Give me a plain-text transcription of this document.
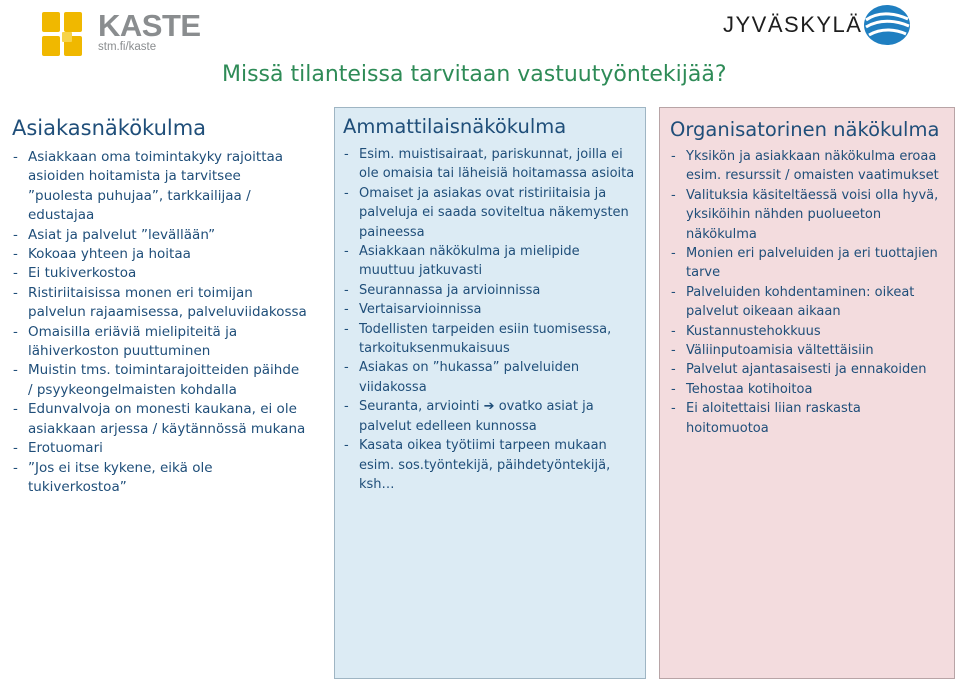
KASTE
stm.fi/kaste
JYVÄSKYLÄ
Missä tilanteissa tarvitaan vastuutyöntekijää?
Asiakasnäkökulma
- Asiakkaan oma toimintakyky rajoittaa asioiden hoitamista ja tarvitsee ”puolesta puhujaa”, tarkkailijaa / edustajaa
- Asiat ja palvelut ”levällään”
- Kokoaa yhteen ja hoitaa
- Ei tukiverkostoa
- Ristiriitaisissa monen eri toimijan palvelun rajaamisessa, palveluviidakossa
- Omaisilla eriäviä mielipiteitä ja lähiverkoston puuttuminen
- Muistin tms. toimintarajoitteiden päihde / psyykeongelmaisten kohdalla
- Edunvalvoja on monesti kaukana, ei ole asiakkaan arjessa / käytännössä mukana
- Erotuomari
- ”Jos ei itse kykene, eikä ole tukiverkostoa”
Ammattilaisnäkökulma
- Esim. muistisairaat, pariskunnat, joilla ei ole omaisia tai läheisiä hoitamassa asioita
- Omaiset ja asiakas ovat ristiriitaisia ja palveluja ei saada soviteltua näkemysten paineessa
- Asiakkaan näkökulma ja mielipide muuttuu jatkuvasti
- Seurannassa ja arvioinnissa
- Vertaisarvioinnissa
- Todellisten tarpeiden esiin tuomisessa, tarkoituksenmukaisuus
- Asiakas on ”hukassa” palveluiden viidakossa
- Seuranta, arviointi ➔ ovatko asiat ja palvelut edelleen kunnossa
- Kasata oikea työtiimi tarpeen mukaan esim. sos.työntekijä, päihdetyöntekijä, ksh…
Organisatorinen näkökulma
- Yksikön ja asiakkaan näkökulma eroaa esim. resurssit / omaisten vaatimukset
- Valituksia käsiteltäessä voisi olla hyvä, yksiköihin nähden puolueeton näkökulma
- Monien eri palveluiden ja eri tuottajien tarve
- Palveluiden kohdentaminen: oikeat palvelut oikeaan aikaan
- Kustannustehokkuus
- Väliinputoamisia vältettäisiin
- Palvelut ajantasaisesti ja ennakoiden
- Tehostaa kotihoitoa
- Ei aloitettaisi liian raskasta hoitomuotoa
